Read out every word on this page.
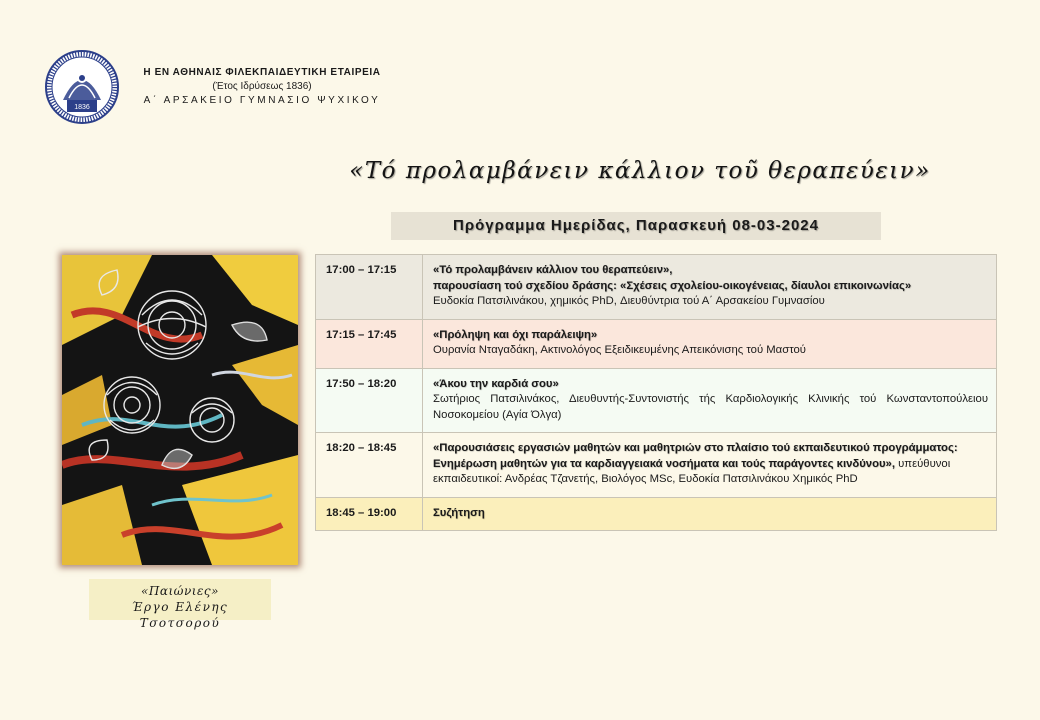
1836
Η ΕΝ ΑΘΗΝΑΙΣ ΦΙΛΕΚΠΑΙΔΕΥΤΙΚΗ ΕΤΑΙΡΕΙΑ
(Έτος Ιδρύσεως 1836)
Α΄ ΑΡΣΑΚΕΙΟ ΓΥΜΝΑΣΙΟ ΨΥΧΙΚΟΥ
«Τό προλαμβάνειν κάλλιον τοῦ θεραπεύειν»
Πρόγραμμα Ημερίδας, Παρασκευή 08-03-2024
«Παιώνιες»
Έργο Ελένης Τσοτσορού
17:00 – 17:15	«Τό προλαμβάνειν κάλλιον του θεραπεύειν»,
παρουσίαση τού σχεδίου δράσης: «Σχέσεις σχολείου-οικογένειας, δίαυλοι επικοινωνίας»
Ευδοκία Πατσιλινάκου, χημικός PhD, Διευθύντρια τού Α΄ Αρσακείου Γυμνασίου

17:15 – 17:45	«Πρόληψη και όχι παράλειψη»
Ουρανία Νταγαδάκη, Ακτινολόγος Εξειδικευμένης Απεικόνισης τού Μαστού

17:50 – 18:20	«Άκου την καρδιά σου»
Σωτήριος Πατσιλινάκος, Διευθυντής-Συντονιστής τής Καρδιολογικής Κλινικής τού Κωνσταντοπούλειου Νοσοκομείου (Αγία Όλγα)

18:20 – 18:45	«Παρουσιάσεις εργασιών μαθητών και μαθητριών στο πλαίσιο τού εκπαιδευτικού προγράμματος: Ενημέρωση μαθητών για τα καρδιαγγειακά νοσήματα και τούς παράγοντες κινδύνου», υπεύθυνοι εκπαιδευτικοί: Ανδρέας Τζανετής, Βιολόγος MSc, Ευδοκία Πατσιλινάκου Χημικός PhD

18:45 – 19:00	Συζήτηση
